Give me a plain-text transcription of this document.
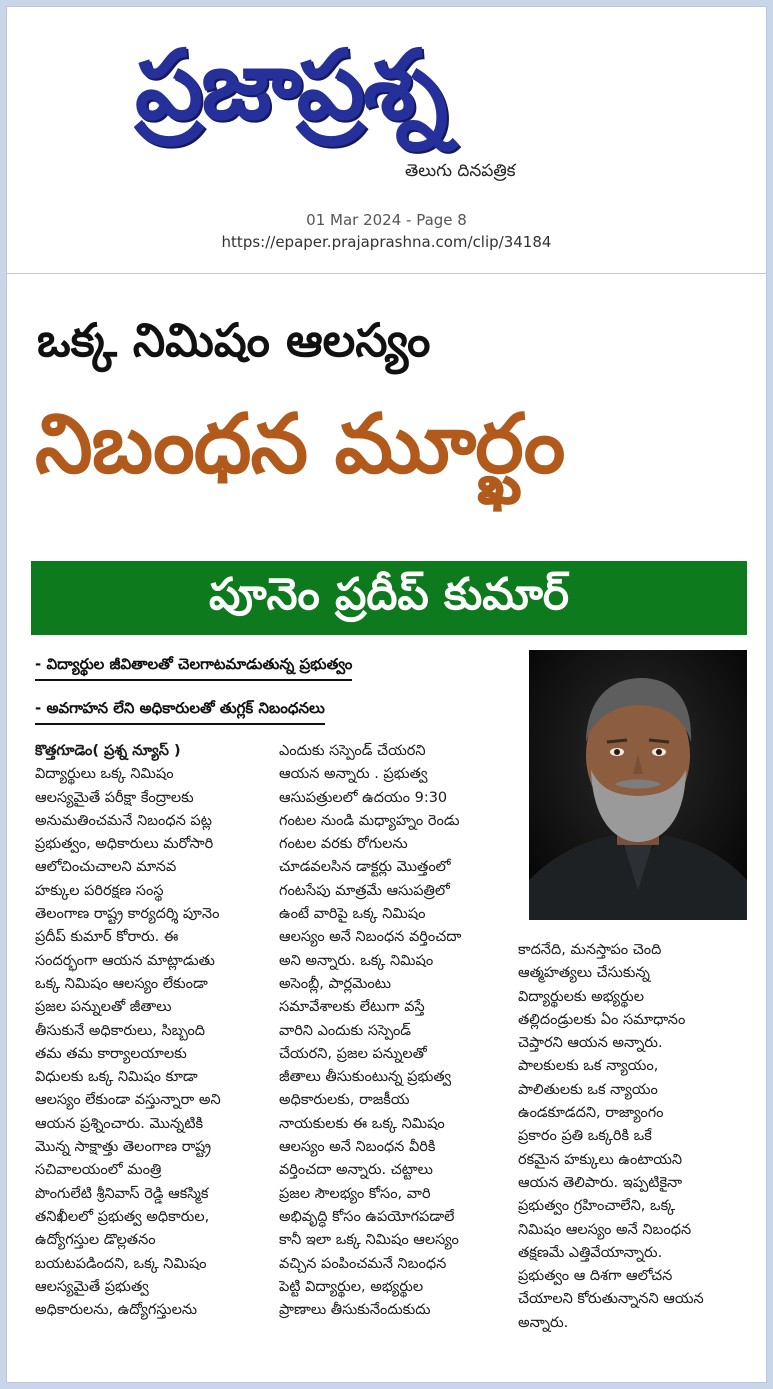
ప్రజాప్రశ్న
తెలుగు దినపత్రిక
01 Mar 2024 - Page 8
https://epaper.prajaprashna.com/clip/34184
ఒక్క నిమిషం ఆలస్యం
నిబంధన మూర్ఖం
పూనెం ప్రదీప్ కుమార్
- విద్యార్థుల జీవితాలతో చెలగాటమాడుతున్న ప్రభుత్వం
- అవగాహన లేని అధికారులతో తుగ్లక్ నిబంధనలు
కొత్తగూడెం( ప్రశ్న న్యూస్ )
విద్యార్థులు ఒక్క నిమిషం
ఆలస్యమైతే పరీక్షా కేంద్రాలకు
అనుమతించమనే నిబంధన పట్ల
ప్రభుత్వం, అధికారులు మరోసారి
ఆలోచించుచాలని మానవ
హక్కుల పరిరక్షణ సంస్థ
తెలంగాణ రాష్ట్ర కార్యదర్శి పూనెం
ప్రదీప్ కుమార్ కోరారు. ఈ
సందర్భంగా ఆయన మాట్లాడుతు
ఒక్క నిమిషం ఆలస్యం లేకుండా
ప్రజల పన్నులతో జీతాలు
తీసుకునే అధికారులు, సిబ్బంది
తమ తమ కార్యాలయాలకు
విధులకు ఒక్క నిమిషం కూడా
ఆలస్యం లేకుండా వస్తున్నారా అని
ఆయన ప్రశ్నించారు. మొన్నటికి
మొన్న సాక్షాత్తు తెలంగాణ రాష్ట్ర
సచివాలయంలో మంత్రి
పొంగులేటి శ్రీనివాస్ రెడ్డి ఆకస్మిక
తనిఖీలలో ప్రభుత్వ అధికారుల,
ఉద్యోగస్తుల డొల్లతనం
బయటపడిందని, ఒక్క నిమిషం
ఆలస్యమైతే ప్రభుత్వ
అధికారులను, ఉద్యోగస్తులను
ఎందుకు సస్పెండ్ చేయరని
ఆయన అన్నారు . ప్రభుత్వ
ఆసుపత్రులలో ఉదయం 9:30
గంటల నుండి మధ్యాహ్నం రెండు
గంటల వరకు రోగులను
చూడవలసిన డాక్టర్లు మొత్తంలో
గంటసేపు మాత్రమే ఆసుపత్రిలో
ఉంటే వారిపై ఒక్క నిమిషం
ఆలస్యం అనే నిబంధన వర్తించదా
అని అన్నారు. ఒక్క నిమిషం
అసెంబ్లీ, పార్లమెంటు
సమావేశాలకు లేటుగా వస్తే
వారిని ఎందుకు సస్పెండ్
చేయరని, ప్రజల పన్నులతో
జీతాలు తీసుకుంటున్న ప్రభుత్వ
అధికారులకు, రాజకీయ
నాయకులకు ఈ ఒక్క నిమిషం
ఆలస్యం అనే నిబంధన వీరికి
వర్తించదా అన్నారు. చట్టాలు
ప్రజల సౌలభ్యం కోసం, వారి
అభివృద్ధి కోసం ఉపయోగపడాలే
కానీ ఇలా ఒక్క నిమిషం ఆలస్యం
వచ్చిన పంపించమనే నిబంధన
పెట్టి విద్యార్థుల, అభ్యర్థుల
ప్రాణాలు తీసుకునేందుకుదు
కాదనేది, మనస్తాపం చెంది
ఆత్మహత్యలు చేసుకున్న
విద్యార్థులకు అభ్యర్థుల
తల్లిదండ్రులకు ఏం సమాధానం
చెప్తారని ఆయన అన్నారు.
పాలకులకు ఒక న్యాయం,
పాలితులకు ఒక న్యాయం
ఉండకూడదని, రాజ్యాంగం
ప్రకారం ప్రతి ఒక్కరికి ఒకే
రకమైన హక్కులు ఉంటాయని
ఆయన తెలిపారు. ఇప్పటికైనా
ప్రభుత్వం గ్రహించాలేని, ఒక్క
నిమిషం ఆలస్యం అనే నిబంధన
తక్షణమే ఎత్తివేయాన్నారు.
ప్రభుత్వం ఆ దిశగా ఆలోచన
చేయాలని కోరుతున్నానని ఆయన
అన్నారు.
